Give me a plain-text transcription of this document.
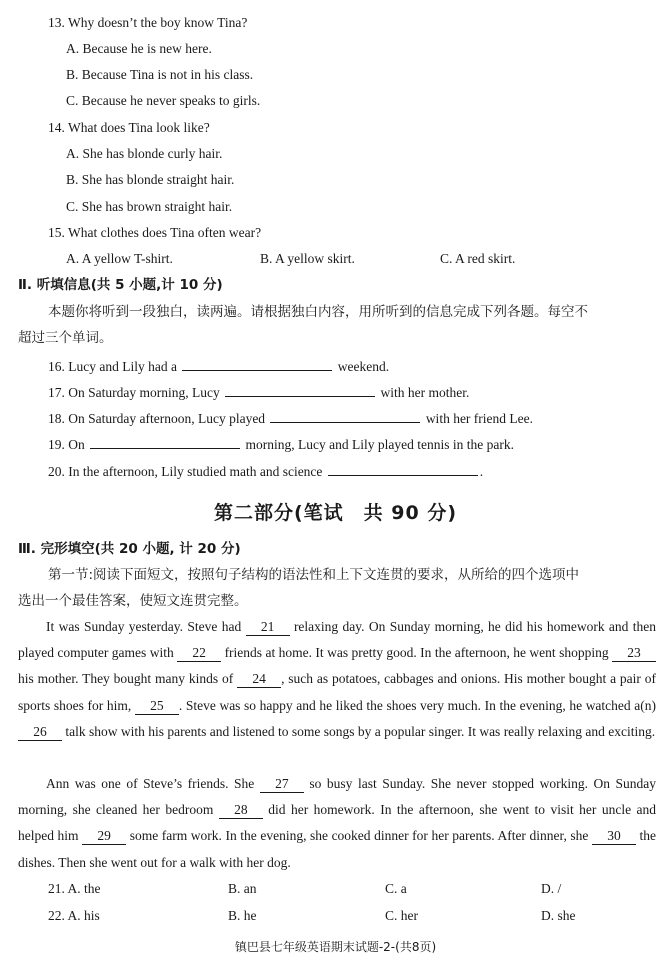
13. Why doesn’t the boy know Tina?
A. Because he is new here.
B. Because Tina is not in his class.
C. Because he never speaks to girls.
14. What does Tina look like?
A. She has blonde curly hair.
B. She has blonde straight hair.
C. She has brown straight hair.
15. What clothes does Tina often wear?
A. A yellow T-shirt.	B. A yellow skirt.	C. A red skirt.
Ⅱ. 听填信息(共 5 小题,计 10 分)
本题你将听到一段独白，读两遍。请根据独白内容，用所听到的信息完成下列各题。每空不
超过三个单词。
16. Lucy and Lily had a	weekend.
17. On Saturday morning, Lucy	with her mother.
18. On Saturday afternoon, Lucy played	with her friend Lee.
19. On	morning, Lucy and Lily played tennis in the park.
20. In the afternoon, Lily studied math and science	.
第二部分(笔试　共 90 分)
Ⅲ. 完形填空(共 20 小题, 计 20 分)
第一节:阅读下面短文，按照句子结构的语法性和上下文连贯的要求，从所给的四个选项中
选出一个最佳答案，使短文连贯完整。
It was Sunday yesterday. Steve had 21 relaxing day. On Sunday morning, he did his homework and then played computer games with 22 friends at home. It was pretty good. In the afternoon, he went shopping 23 his mother. They bought many kinds of 24 , such as potatoes, cabbages and onions. His mother bought a pair of sports shoes for him, 25 . Steve was so happy and he liked the shoes very much. In the evening, he watched a(n) 26 talk show with his parents and listened to some songs by a popular singer. It was really relaxing and exciting.
Ann was one of Steve’s friends. She 27 so busy last Sunday. She never stopped working. On Sunday morning, she cleaned her bedroom 28 did her homework. In the afternoon, she went to visit her uncle and helped him 29 some farm work. In the evening, she cooked dinner for her parents. After dinner, she 30 the dishes. Then she went out for a walk with her dog.
21. A. the	B. an	C. a	D. /
22. A. his	B. he	C. her	D. she
镇巴县七年级英语期末试题-2-(共8页)
